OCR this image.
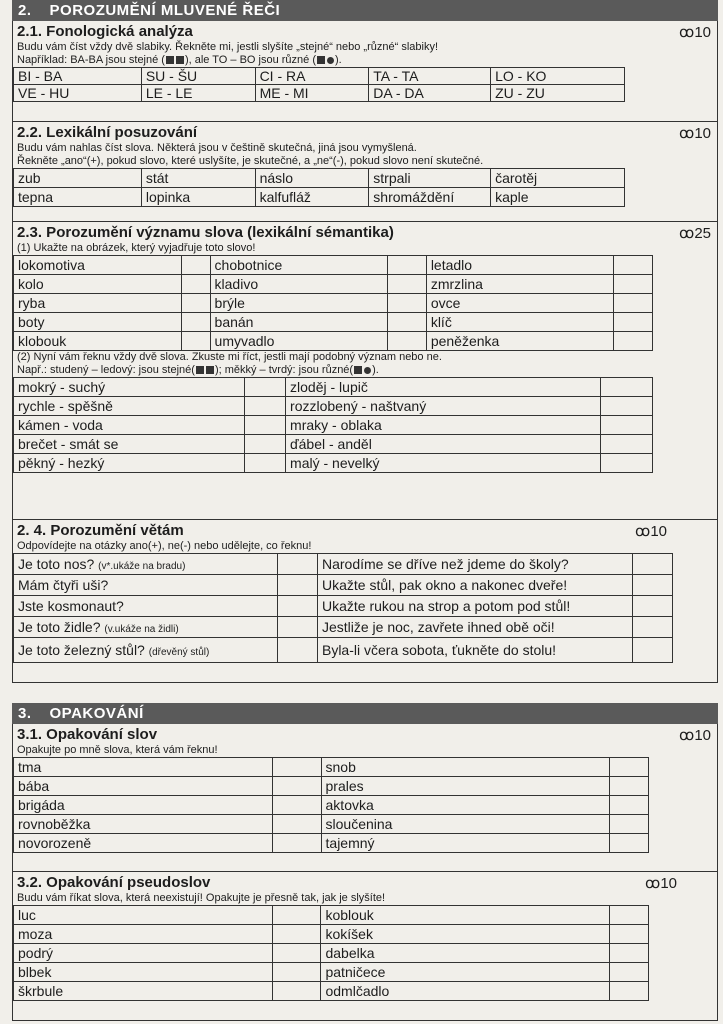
2. POROZUMĚNÍ MLUVENÉ ŘEČI
2.1. Fonologická analýza	ꝏ10
Budu vám číst vždy dvě slabiky. Řekněte mi, jestli slyšíte „stejné“ nebo „různé“ slabiky!
Například: BA-BA jsou stejné ( ), ale TO – BO jsou různé ( ).
BI - BA	SU - ŠU	CI - RA	TA - TA	LO - KO
VE - HU	LE - LE	ME - MI	DA - DA	ZU - ZU
2.2. Lexikální posuzování	ꝏ10
Budu vám nahlas číst slova. Některá jsou v češtině skutečná, jiná jsou vymyšlená.
Řekněte „ano“(+), pokud slovo, které uslyšíte, je skutečné, a „ne“(-), pokud slovo není skutečné.
zub	stát	náslo	strpali	čarotěj
tepna	lopinka	kalfufláž	shromáždění	kaple
2.3. Porozumění významu slova (lexikální sémantika)	ꝏ25
(1) Ukažte na obrázek, který vyjadřuje toto slovo!
lokomotiva		chobotnice		letadlo	
kolo		kladivo		zmrzlina	
ryba		brýle		ovce	
boty		banán		klíč	
klobouk		umyvadlo		peněženka	
(2) Nyní vám řeknu vždy dvě slova. Zkuste mi říct, jestli mají podobný význam nebo ne.
Např.: studený – ledový: jsou stejné( ); měkký – tvrdý: jsou různé( ).
mokrý - suchý		zloděj - lupič	
rychle - spěšně		rozzlobený - naštvaný	
kámen - voda		mraky - oblaka	
brečet - smát se		ďábel - anděl	
pěkný - hezký		malý - nevelký	
2. 4. Porozumění větám	ꝏ10
Odpovídejte na otázky ano(+), ne(-) nebo udělejte, co řeknu!
Je toto nos? (v*.ukáže na bradu)		Narodíme se dříve než jdeme do školy?	
Mám čtyři uši?		Ukažte stůl, pak okno a nakonec dveře!	
Jste kosmonaut?		Ukažte rukou na strop a potom pod stůl!	
Je toto židle? (v.ukáže na židli)		Jestliže je noc, zavřete ihned obě oči!	
Je toto železný stůl? (dřevěný stůl)		Byla-li včera sobota, ťukněte do stolu!	
3. OPAKOVÁNÍ
3.1. Opakování slov	ꝏ10
Opakujte po mně slova, která vám řeknu!
tma		snob	
bába		prales	
brigáda		aktovka	
rovnoběžka		sloučenina	
novorozeně		tajemný	
3.2. Opakování pseudoslov	ꝏ10
Budu vám říkat slova, která neexistují! Opakujte je přesně tak, jak je slyšíte!
luc		koblouk	
moza		kokíšek	
podrý		dabelka	
blbek		patničece	
škrbule		odmlčadlo	
